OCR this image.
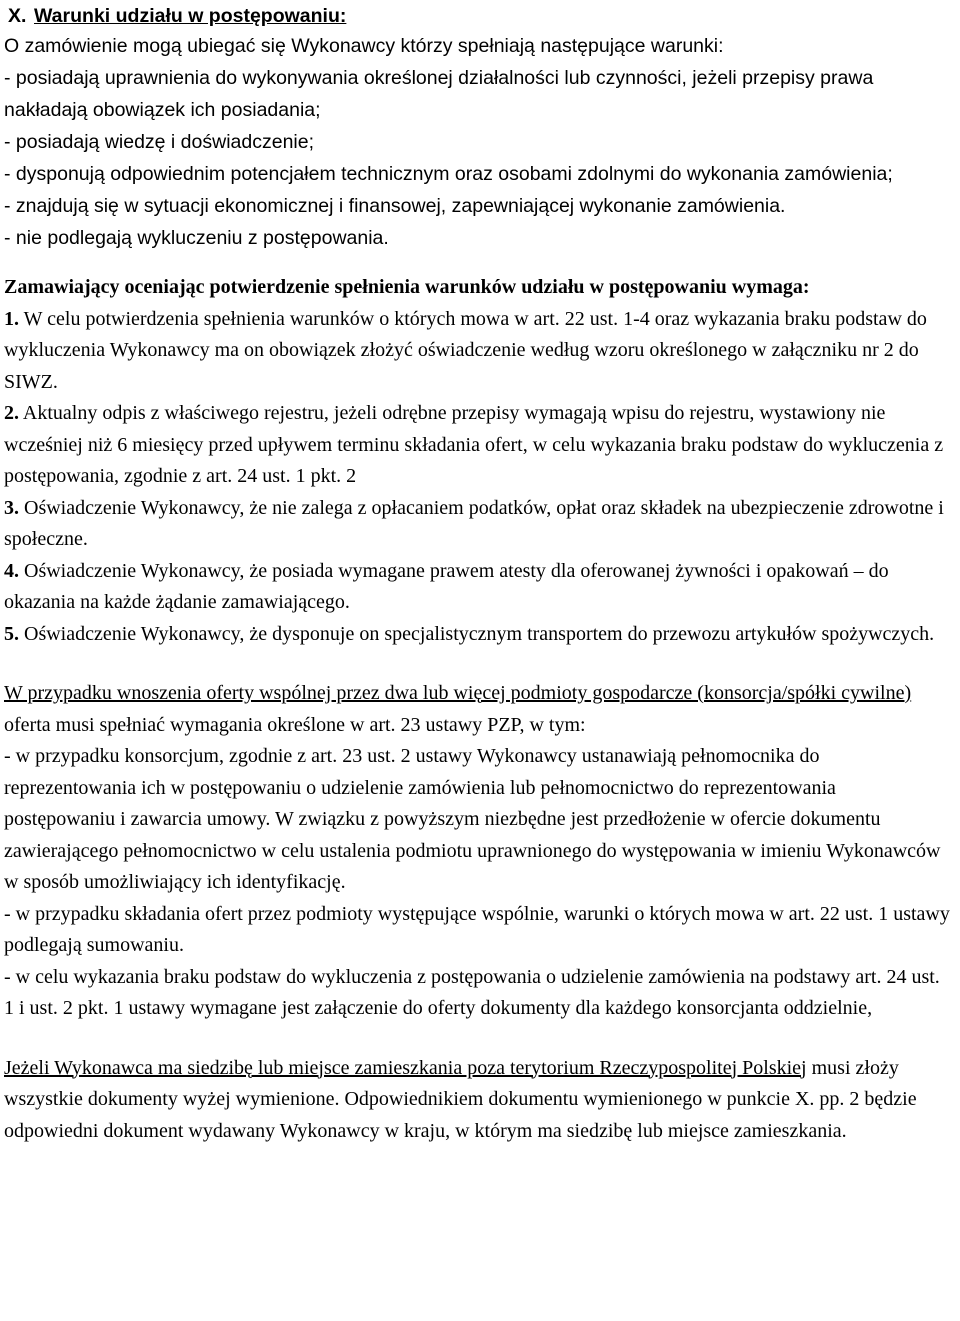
X. Warunki udziału w postępowaniu:

O zamówienie mogą ubiegać się Wykonawcy którzy spełniają następujące warunki:

- posiadają uprawnienia do wykonywania określonej działalności lub czynności, jeżeli przepisy prawa nakładają obowiązek ich posiadania;

- posiadają wiedzę i doświadczenie;

- dysponują odpowiednim potencjałem technicznym oraz osobami zdolnymi do wykonania zamówienia;

- znajdują się w sytuacji ekonomicznej i finansowej, zapewniającej wykonanie zamówienia.

- nie podlegają wykluczeniu z postępowania.

Zamawiający oceniając potwierdzenie spełnienia warunków udziału w postępowaniu wymaga:

1. W celu potwierdzenia spełnienia warunków o których mowa w art. 22 ust. 1-4 oraz wykazania braku podstaw do wykluczenia Wykonawcy ma on obowiązek złożyć oświadczenie według wzoru określonego w załączniku nr 2 do SIWZ.

2. Aktualny odpis z właściwego rejestru, jeżeli odrębne przepisy wymagają wpisu do rejestru, wystawiony nie wcześniej niż 6 miesięcy przed upływem terminu składania ofert, w celu wykazania braku podstaw do wykluczenia z postępowania, zgodnie z art. 24 ust. 1 pkt. 2

3. Oświadczenie Wykonawcy, że nie zalega z opłacaniem podatków, opłat oraz składek na ubezpieczenie zdrowotne i społeczne.

4. Oświadczenie Wykonawcy, że posiada wymagane prawem atesty dla oferowanej żywności i opakowań – do okazania na każde żądanie zamawiającego.

5. Oświadczenie Wykonawcy, że dysponuje on specjalistycznym transportem do przewozu artykułów spożywczych.

W przypadku wnoszenia oferty wspólnej przez dwa lub więcej podmioty gospodarcze (konsorcja/spółki cywilne) oferta musi spełniać wymagania określone w art. 23 ustawy PZP, w tym:

- w przypadku konsorcjum, zgodnie z art. 23 ust. 2 ustawy Wykonawcy ustanawiają pełnomocnika do reprezentowania ich w postępowaniu o udzielenie zamówienia lub pełnomocnictwo do reprezentowania postępowaniu i zawarcia umowy. W związku z powyższym niezbędne jest przedłożenie w ofercie dokumentu zawierającego pełnomocnictwo w celu ustalenia podmiotu uprawnionego do występowania w imieniu Wykonawców w sposób umożliwiający ich identyfikację.

- w przypadku składania ofert przez podmioty występujące wspólnie, warunki o których mowa w art. 22 ust. 1 ustawy podlegają sumowaniu.

- w celu wykazania braku podstaw do wykluczenia z postępowania o udzielenie zamówienia na podstawy art. 24 ust. 1 i ust. 2 pkt. 1 ustawy wymagane jest załączenie do oferty dokumenty dla każdego konsorcjanta oddzielnie,

Jeżeli Wykonawca ma siedzibę lub miejsce zamieszkania poza terytorium Rzeczypospolitej Polskiej musi złoży

wszystkie dokumenty wyżej wymienione. Odpowiednikiem dokumentu wymienionego w punkcie X. pp. 2 będzie odpowiedni dokument wydawany Wykonawcy w kraju, w którym ma siedzibę lub miejsce zamieszkania.
